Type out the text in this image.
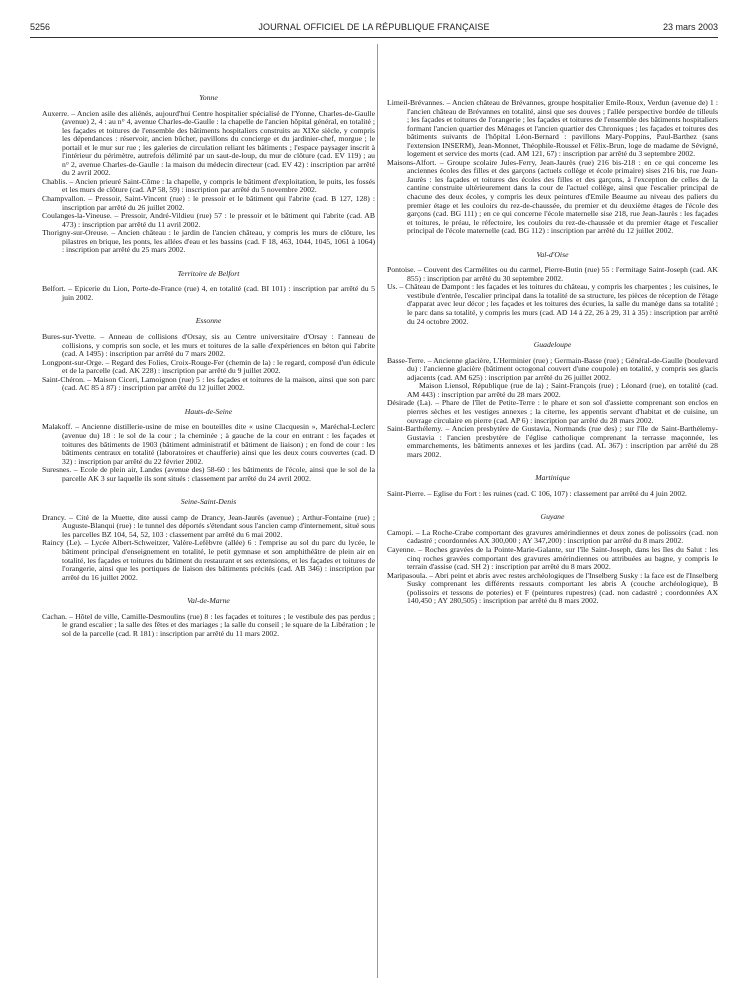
5256	JOURNAL OFFICIEL DE LA RÉPUBLIQUE FRANÇAISE	23 mars 2003
Yonne

Auxerre. – Ancien asile des aliénés, aujourd'hui Centre hospitalier spécialisé de l'Yonne, Charles-de-Gaulle (avenue) 2, 4 : au n° 4, avenue Charles-de-Gaulle : la chapelle de l'ancien hôpital général, en totalité ; les façades et toitures de l'ensemble des bâtiments hospitaliers construits au XIXe siècle, y compris les dépendances : réservoir, ancien bûcher, pavillons du concierge et du jardinier-chef, morgue ; le portail et le mur sur rue ; les galeries de circulation reliant les bâtiments ; l'espace paysager inscrit à l'intérieur du périmètre, autrefois délimité par un saut-de-loup, du mur de clôture (cad. EV 119) ; au n° 2, avenue Charles-de-Gaulle : la maison du médecin directeur (cad. EV 42) : inscription par arrêté du 2 avril 2002.

Chablis. – Ancien prieuré Saint-Côme : la chapelle, y compris le bâtiment d'exploitation, le puits, les fossés et les murs de clôture (cad. AP 58, 59) : inscription par arrêté du 5 novembre 2002.

Champvallon. – Pressoir, Saint-Vincent (rue) : le pressoir et le bâtiment qui l'abrite (cad. B 127, 128) : inscription par arrêté du 26 juillet 2002.

Coulanges-la-Vineuse. – Pressoir, André-Vildieu (rue) 57 : le pressoir et le bâtiment qui l'abrite (cad. AB 473) : inscription par arrêté du 11 avril 2002.

Thorigny-sur-Oreuse. – Ancien château : le jardin de l'ancien château, y compris les murs de clôture, les pilastres en brique, les ponts, les allées d'eau et les bassins (cad. F 18, 463, 1044, 1045, 1061 à 1064) : inscription par arrêté du 25 mars 2002.

Territoire de Belfort

Belfort. – Epicerie du Lion, Porte-de-France (rue) 4, en totalité (cad. BI 101) : inscription par arrêté du 5 juin 2002.

Essonne

Bures-sur-Yvette. – Anneau de collisions d'Orsay, sis au Centre universitaire d'Orsay : l'anneau de collisions, y compris son socle, et les murs et toitures de la salle d'expériences en béton qui l'abrite (cad. A 1495) : inscription par arrêté du 7 mars 2002.

Longpont-sur-Orge. – Regard des Folies, Croix-Rouge-Fer (chemin de la) : le regard, composé d'un édicule et de la parcelle (cad. AK 228) : inscription par arrêté du 9 juillet 2002.

Saint-Chéron. – Maison Ciceri, Lamoignon (rue) 5 : les façades et toitures de la maison, ainsi que son parc (cad. AC 85 à 87) : inscription par arrêté du 12 juillet 2002.

Hauts-de-Seine

Malakoff. – Ancienne distillerie-usine de mise en bouteilles dite « usine Clacquesin », Maréchal-Leclerc (avenue du) 18 : le sol de la cour ; la cheminée ; à gauche de la cour en entrant : les façades et toitures des bâtiments de 1903 (bâtiment administratif et bâtiment de liaison) ; en fond de cour : les bâtiments centraux en totalité (laboratoires et chaufferie) ainsi que les deux cours couvertes (cad. D 32) : inscription par arrêté du 22 février 2002.

Suresnes. – Ecole de plein air, Landes (avenue des) 58-60 : les bâtiments de l'école, ainsi que le sol de la parcelle AK 3 sur laquelle ils sont situés : classement par arrêté du 24 avril 2002.

Seine-Saint-Denis

Drancy. – Cité de la Muette, dite aussi camp de Drancy, Jean-Jaurès (avenue) ; Arthur-Fontaine (rue) ; Auguste-Blanqui (rue) : le tunnel des déportés s'étendant sous l'ancien camp d'internement, situé sous les parcelles BZ 104, 54, 52, 103 : classement par arrêté du 6 mai 2002.

Raincy (Le). – Lycée Albert-Schweitzer, Valère-Lefèbvre (allée) 6 : l'emprise au sol du parc du lycée, le bâtiment principal d'enseignement en totalité, le petit gymnase et son amphithéâtre de plein air en totalité, les façades et toitures du bâtiment du restaurant et ses extensions, et les façades et toitures de l'orangerie, ainsi que les portiques de liaison des bâtiments précités (cad. AB 346) : inscription par arrêté du 16 juillet 2002.

Val-de-Marne

Cachan. – Hôtel de ville, Camille-Desmoulins (rue) 8 : les façades et toitures ; le vestibule des pas perdus ; le grand escalier ; la salle des fêtes et des mariages ; la salle du conseil ; le square de la Libération ; le sol de la parcelle (cad. R 181) : inscription par arrêté du 11 mars 2002.

Limeil-Brévannes. – Ancien château de Brévannes, groupe hospitalier Emile-Roux, Verdun (avenue de) 1 : l'ancien château de Brévannes en totalité, ainsi que ses douves ; l'allée perspective bordée de tilleuls ; les façades et toitures de l'orangerie ; les façades et toitures de l'ensemble des bâtiments hospitaliers formant l'ancien quartier des Ménages et l'ancien quartier des Chroniques ; les façades et toitures des bâtiments suivants de l'hôpital Léon-Bernard : pavillons Mary-Poppins, Paul-Barthez (sans l'extension INSERM), Jean-Monnet, Théophile-Roussel et Félix-Brun, loge de madame de Sévigné, logement et service des morts (cad. AM 121, 67) : inscription par arrêté du 3 septembre 2002.

Maisons-Alfort. – Groupe scolaire Jules-Ferry, Jean-Jaurès (rue) 216 bis-218 : en ce qui concerne les anciennes écoles des filles et des garçons (actuels collège et école primaire) sises 216 bis, rue Jean-Jaurès : les façades et toitures des écoles des filles et des garçons, à l'exception de celles de la cantine construite ultérieurement dans la cour de l'actuel collège, ainsi que l'escalier principal de chacune des deux écoles, y compris les deux peintures d'Emile Beaume au niveau des paliers du premier étage et les couloirs du rez-de-chaussée, du premier et du deuxième étages de l'école des garçons (cad. BG 111) ; en ce qui concerne l'école maternelle sise 218, rue Jean-Jaurès : les façades et toitures, le préau, le réfectoire, les couloirs du rez-de-chaussée et du premier étage et l'escalier principal de l'école maternelle (cad. BG 112) : inscription par arrêté du 12 juillet 2002.

Val-d'Oise

Pontoise. – Couvent des Carmélites ou du carmel, Pierre-Butin (rue) 55 : l'ermitage Saint-Joseph (cad. AK 855) : inscription par arrêté du 30 septembre 2002.

Us. – Château de Dampont : les façades et les toitures du château, y compris les charpentes ; les cuisines, le vestibule d'entrée, l'escalier principal dans la totalité de sa structure, les pièces de réception de l'étage d'apparat avec leur décor ; les façades et les toitures des écuries, la salle du manège dans sa totalité ; le parc dans sa totalité, y compris les murs (cad. AD 14 à 22, 26 à 29, 31 à 35) : inscription par arrêté du 24 octobre 2002.

Guadeloupe

Basse-Terre. – Ancienne glacière, L'Herminier (rue) ; Germain-Basse (rue) ; Général-de-Gaulle (boulevard du) : l'ancienne glacière (bâtiment octogonal couvert d'une coupole) en totalité, y compris ses glacis adjacents (cad. AM 625) : inscription par arrêté du 26 juillet 2002.

Maison Liensol, République (rue de la) ; Saint-François (rue) ; Léonard (rue), en totalité (cad. AM 443) : inscription par arrêté du 28 mars 2002.

Désirade (La). – Phare de l'îlet de Petite-Terre : le phare et son sol d'assiette comprenant son enclos en pierres sèches et les vestiges annexes ; la citerne, les appentis servant d'habitat et de cuisine, un ouvrage circulaire en pierre (cad. AP 6) : inscription par arrêté du 28 mars 2002.

Saint-Barthélemy. – Ancien presbytère de Gustavia, Normands (rue des) ; sur l'île de Saint-Barthélemy-Gustavia : l'ancien presbytère de l'église catholique comprenant la terrasse maçonnée, les emmarchements, les bâtiments annexes et les jardins (cad. AL 367) : inscription par arrêté du 28 mars 2002.

Martinique

Saint-Pierre. – Eglise du Fort : les ruines (cad. C 106, 107) : classement par arrêté du 4 juin 2002.

Guyane

Camopi. – La Roche-Crabe comportant des gravures amérindiennes et deux zones de polissoirs (cad. non cadastré ; coordonnées AX 300,000 ; AY 347,200) : inscription par arrêté du 8 mars 2002.

Cayenne. – Roches gravées de la Pointe-Marie-Galante, sur l'île Saint-Joseph, dans les îles du Salut : les cinq roches gravées comportant des gravures amérindiennes ou attribuées au bagne, y compris le terrain d'assise (cad. SH 2) : inscription par arrêté du 8 mars 2002.

Maripasoula. – Abri peint et abris avec restes archéologiques de l'Inselberg Susky : la face est de l'Inselberg Susky comprenant les différents ressauts comportant les abris A (couche archéologique), B (polissoirs et tessons de poteries) et F (peintures rupestres) (cad. non cadastré ; coordonnées AX 140,450 ; AY 280,505) : inscription par arrêté du 8 mars 2002.
